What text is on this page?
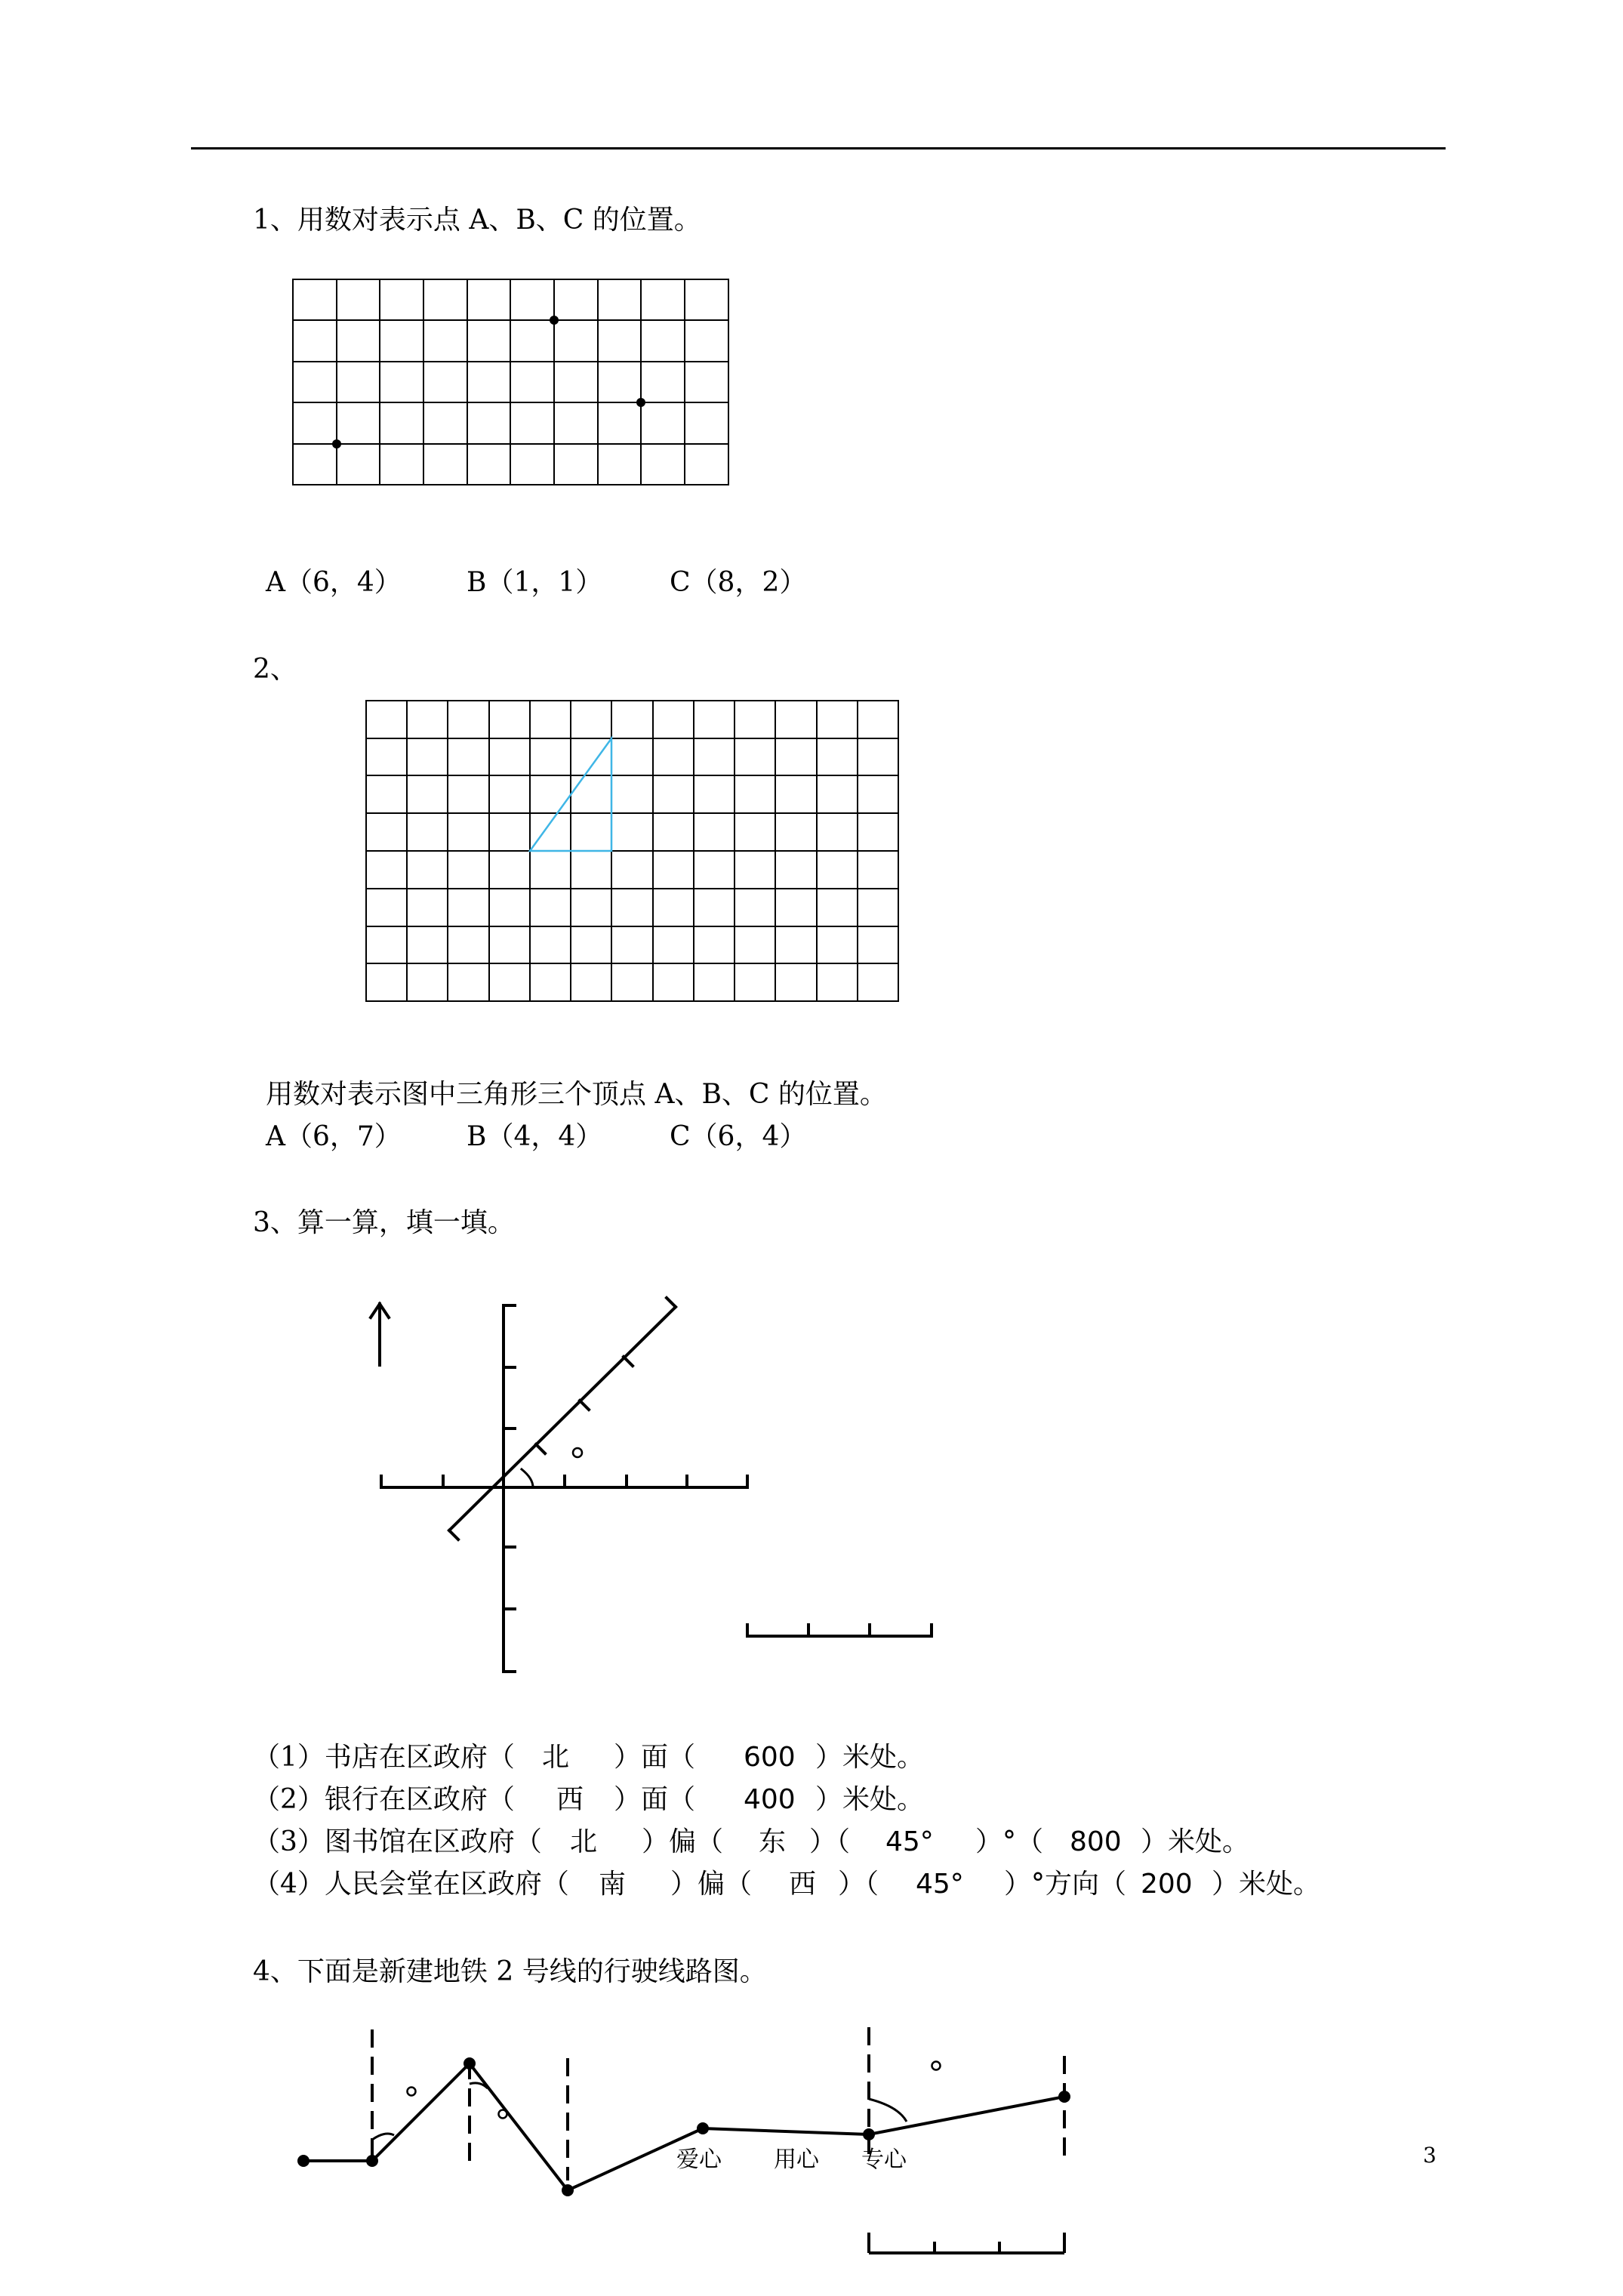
1、用数对表示点 A、B、C 的位置。

A（6，4）

B（1，1）

C（8，2）

2、
用数对表示图中三角形三个顶点 A、B、C 的位置。

A（6，7）

B（4，4）

C（6，4）

3、算一算，填一填。

（1）书店在区政府（

北

）面（

600

）米处。

（2）银行在区政府（

西

）面（

400

）米处。

（3）图书馆在区政府（

北

）偏（

东

）（

45°

）°（

800

）米处。

（4）人民会堂在区政府（

南

）偏（

西

）（

45°

）°方向（

200

）米处。

4、下面是新建地铁 2 号线的行驶线路图。
爱心 用心 专心	3
